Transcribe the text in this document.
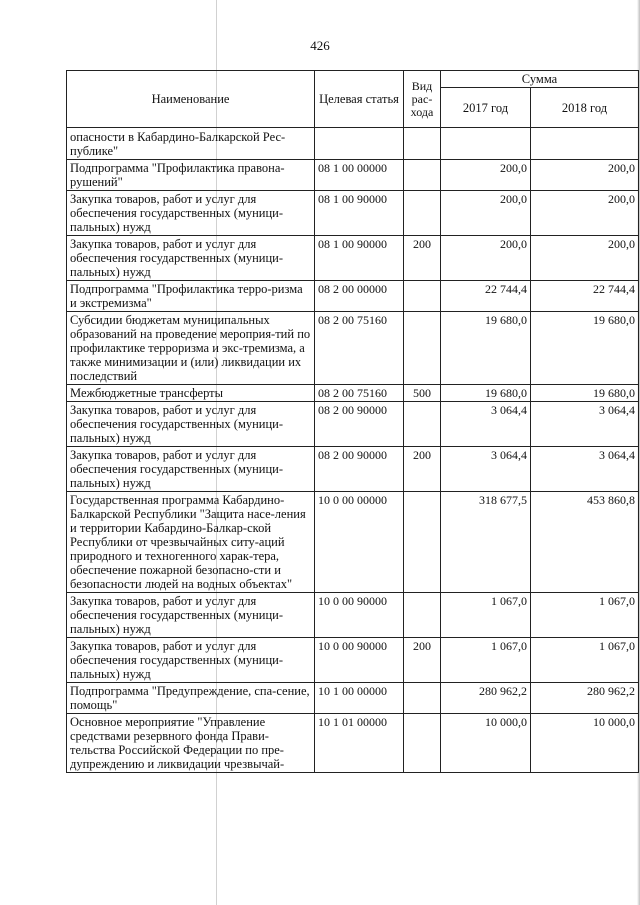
426
Наименование	Целевая статья	Вид рас-хода	Сумма	
			2017 год	2018 год
опасности в Кабардино-Балкарской Рес-публике"				
Подпрограмма "Профилактика правона-рушений"	08 1 00 00000		200,0	200,0
Закупка товаров, работ и услуг для обеспечения государственных (муници-пальных) нужд	08 1 00 90000		200,0	200,0
Закупка товаров, работ и услуг для обеспечения государственных (муници-пальных) нужд	08 1 00 90000	200	200,0	200,0
Подпрограмма "Профилактика терро-ризма и экстремизма"	08 2 00 00000		22 744,4	22 744,4
Субсидии бюджетам муниципальных образований на проведение мероприя-тий по профилактике терроризма и экс-тремизма, а также минимизации и (или) ликвидации их последствий	08 2 00 75160		19 680,0	19 680,0
Межбюджетные трансферты	08 2 00 75160	500	19 680,0	19 680,0
Закупка товаров, работ и услуг для обеспечения государственных (муници-пальных) нужд	08 2 00 90000		3 064,4	3 064,4
Закупка товаров, работ и услуг для обеспечения государственных (муници-пальных) нужд	08 2 00 90000	200	3 064,4	3 064,4
Государственная программа Кабардино-Балкарской Республики "Защита насе-ления и территории Кабардино-Балкар-ской Республики от чрезвычайных ситу-аций природного и техногенного харак-тера, обеспечение пожарной безопасно-сти и безопасности людей на водных объектах"	10 0 00 00000		318 677,5	453 860,8
Закупка товаров, работ и услуг для обеспечения государственных (муници-пальных) нужд	10 0 00 90000		1 067,0	1 067,0
Закупка товаров, работ и услуг для обеспечения государственных (муници-пальных) нужд	10 0 00 90000	200	1 067,0	1 067,0
Подпрограмма "Предупреждение, спа-сение, помощь"	10 1 00 00000		280 962,2	280 962,2
Основное мероприятие "Управление средствами резервного фонда Прави-тельства Российской Федерации по пре-дупреждению и ликвидации чрезвычай-	10 1 01 00000		10 000,0	10 000,0
